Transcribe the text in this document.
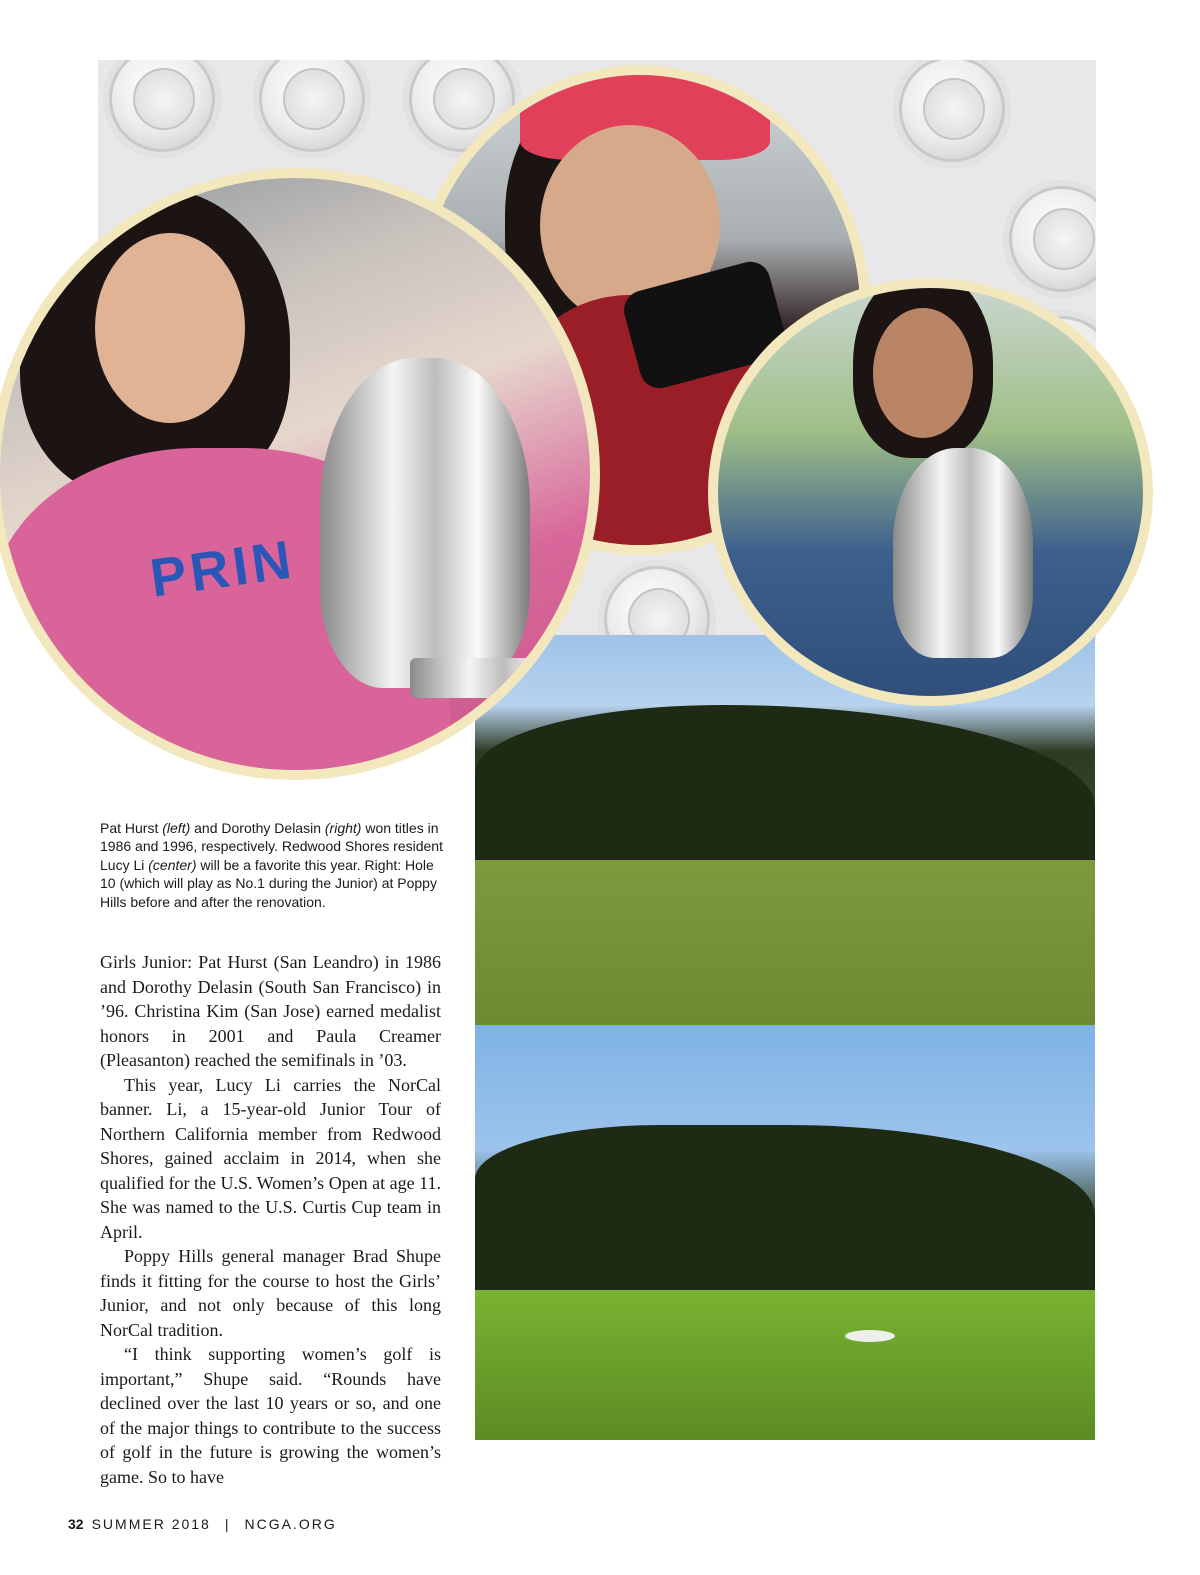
PRIN

Pat Hurst (left) and Dorothy Delasin (right) won titles in 1986 and 1996, respectively. Redwood Shores resident Lucy Li (center) will be a favorite this year. Right: Hole 10 (which will play as No.1 during the Junior) at Poppy Hills before and after the renovation.

Girls Junior: Pat Hurst (San Leandro) in 1986 and Dorothy Delasin (South San Francisco) in ’96. Christina Kim (San Jose) earned medalist honors in 2001 and Paula Creamer (Pleasanton) reached the semifinals in ’03.

This year, Lucy Li carries the NorCal banner. Li, a 15-year-old Junior Tour of Northern California member from Redwood Shores, gained acclaim in 2014, when she qualified for the U.S. Women’s Open at age 11. She was named to the U.S. Curtis Cup team in April.

Poppy Hills general manager Brad Shupe finds it fitting for the course to host the Girls’ Junior, and not only because of this long NorCal tradition.

“I think supporting women’s golf is important,” Shupe said. “Rounds have declined over the last 10 years or so, and one of the major things to contribute to the success of golf in the future is growing the women’s game. So to have

32 SUMMER 2018 | NCGA.ORG
